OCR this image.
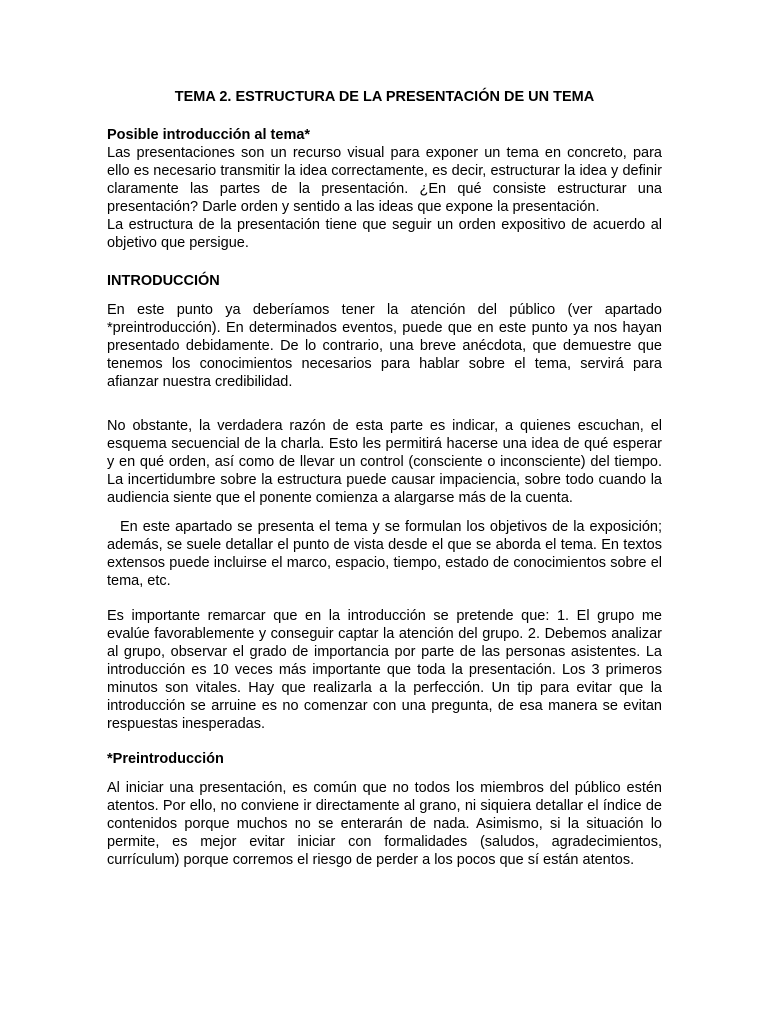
TEMA 2. ESTRUCTURA DE LA PRESENTACIÓN DE UN TEMA
Posible introducción al tema*

Las presentaciones son un recurso visual para exponer un tema en concreto, para ello es necesario transmitir la idea correctamente, es decir, estructurar la idea y definir claramente las partes de la presentación. ¿En qué consiste estructurar una presentación? Darle orden y sentido a las ideas que expone la presentación.

La estructura de la presentación tiene que seguir un orden expositivo de acuerdo al objetivo que persigue.

INTRODUCCIÓN

En este punto ya deberíamos tener la atención del público (ver apartado *preintroducción). En determinados eventos, puede que en este punto ya nos hayan presentado debidamente. De lo contrario, una breve anécdota, que demuestre que tenemos los conocimientos necesarios para hablar sobre el tema, servirá para afianzar nuestra credibilidad.

No obstante, la verdadera razón de esta parte es indicar, a quienes escuchan, el esquema secuencial de la charla. Esto les permitirá hacerse una idea de qué esperar y en qué orden, así como de llevar un control (consciente o inconsciente) del tiempo. La incertidumbre sobre la estructura puede causar impaciencia, sobre todo cuando la audiencia siente que el ponente comienza a alargarse más de la cuenta.

En este apartado se presenta el tema y se formulan los objetivos de la exposición; además, se suele detallar el punto de vista desde el que se aborda el tema. En textos extensos puede incluirse el marco, espacio, tiempo, estado de conocimientos sobre el tema, etc.

Es importante remarcar que en la introducción se pretende que: 1. El grupo me evalúe favorablemente y conseguir captar la atención del grupo. 2. Debemos analizar al grupo, observar el grado de importancia por parte de las personas asistentes. La introducción es 10 veces más importante que toda la presentación. Los 3 primeros minutos son vitales. Hay que realizarla a la perfección. Un tip para evitar que la introducción se arruine es no comenzar con una pregunta, de esa manera se evitan respuestas inesperadas.

*Preintroducción

Al iniciar una presentación, es común que no todos los miembros del público estén atentos. Por ello, no conviene ir directamente al grano, ni siquiera detallar el índice de contenidos porque muchos no se enterarán de nada. Asimismo, si la situación lo permite, es mejor evitar iniciar con formalidades (saludos, agradecimientos, currículum) porque corremos el riesgo de perder a los pocos que sí están atentos.
